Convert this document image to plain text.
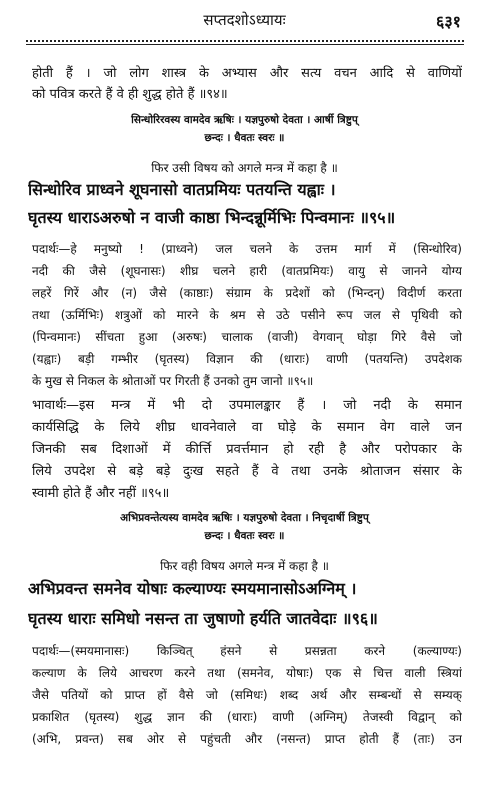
सप्तदशोऽध्यायः	६३१
होती हैं । जो लोग शास्त्र के अभ्यास और सत्य वचन आदि से वाणियों
को पवित्र करते हैं वे ही शुद्ध होते हैं ॥९४॥
सिन्धोरिरवस्य वामदेव ऋषिः । यज्ञपुरुषो देवता । आर्षी त्रिष्टुप्
छन्दः । धैवतः स्वरः ॥
फिर उसी विषय को अगले मन्त्र में कहा है ॥
सिन्धोरिव प्राध्वने शूघनासो वातप्रमियः पतयन्ति यह्वाः ।
घृतस्य धाराऽअरुषो न वाजी काष्ठा भिन्दन्नूर्मिभिः पिन्वमानः ॥९५॥
पदार्थः—हे मनुष्यो ! (प्राध्वने) जल चलने के उत्तम मार्ग में (सिन्धोरिव)
नदी की जैसे (शूघनासः) शीघ्र चलने हारी (वातप्रमियः) वायु से जानने योग्य
लहरें गिरें और (न) जैसे (काष्ठाः) संग्राम के प्रदेशों को (भिन्दन्) विदीर्ण करता
तथा (ऊर्मिभिः) शत्रुओं को मारने के श्रम से उठे पसीने रूप जल से पृथिवी को
(पिन्वमानः) सींचता हुआ (अरुषः) चालाक (वाजी) वेगवान् घोड़ा गिरे वैसे जो
(यह्वाः) बड़ी गम्भीर (घृतस्य) विज्ञान की (धाराः) वाणी (पतयन्ति) उपदेशक
के मुख से निकल के श्रोताओं पर गिरती हैं उनको तुम जानो ॥९५॥
भावार्थः—इस मन्त्र में भी दो उपमालङ्कार हैं । जो नदी के समान
कार्यसिद्धि के लिये शीघ्र धावनेवाले वा घोड़े के समान वेग वाले जन
जिनकी सब दिशाओं में कीर्त्ति प्रवर्त्तमान हो रही है और परोपकार के
लिये उपदेश से बड़े बड़े दुःख सहते हैं वे तथा उनके श्रोताजन संसार के
स्वामी होते हैं और नहीं ॥९५॥
अभिप्रवन्तेत्यस्य वामदेव ऋषिः । यज्ञपुरुषो देवता । निचृदार्षी त्रिष्टुप्
छन्दः । धैवतः स्वरः ॥
फिर वही विषय अगले मन्त्र में कहा है ॥
अभिप्रवन्त समनेव योषाः कल्याण्यः स्मयमानासोऽअग्निम् ।
घृतस्य धाराः समिधो नसन्त ता जुषाणो हर्यति जातवेदाः ॥९६॥
पदार्थः—(स्मयमानासः) किञ्चित् हंसने से प्रसन्नता करने (कल्याण्यः)
कल्याण के लिये आचरण करने तथा (समनेव, योषाः) एक से चित्त वाली स्त्रियां
जैसे पतियों को प्राप्त हों वैसे जो (समिधः) शब्द अर्थ और सम्बन्धों से सम्यक्
प्रकाशित (घृतस्य) शुद्ध ज्ञान की (धाराः) वाणी (अग्निम्) तेजस्वी विद्वान् को
(अभि, प्रवन्त) सब ओर से पहुंचती और (नसन्त) प्राप्त होती हैं (ताः) उन
